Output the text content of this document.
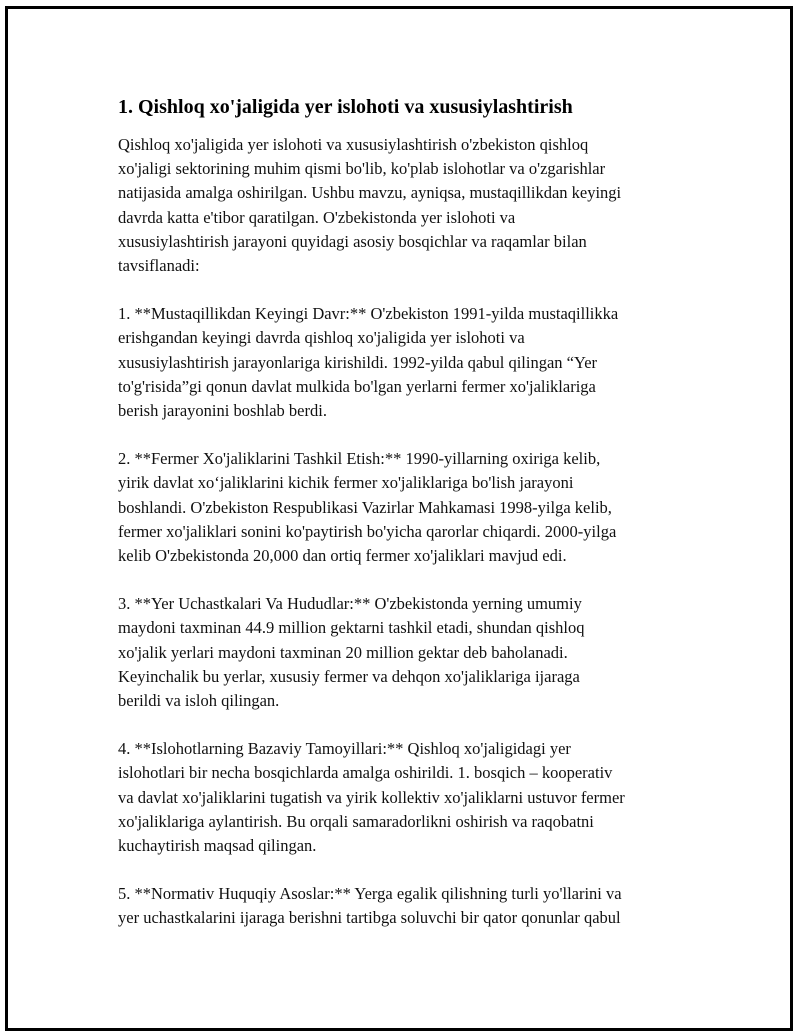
1. Qishloq xo'jaligida yer islohoti va xususiylashtirish
Qishloq xo'jaligida yer islohoti va xususiylashtirish o'zbekiston qishloq
xo'jaligi sektorining muhim qismi bo'lib, ko'plab islohotlar va o'zgarishlar
natijasida amalga oshirilgan. Ushbu mavzu, ayniqsa, mustaqillikdan keyingi
davrda katta e'tibor qaratilgan. O'zbekistonda yer islohoti va
xususiylashtirish jarayoni quyidagi asosiy bosqichlar va raqamlar bilan
tavsiflanadi:
1. **Mustaqillikdan Keyingi Davr:** O'zbekiston 1991-yilda mustaqillikka
erishgandan keyingi davrda qishloq xo'jaligida yer islohoti va
xususiylashtirish jarayonlariga kirishildi. 1992-yilda qabul qilingan “Yer
to'g'risida”gi qonun davlat mulkida bo'lgan yerlarni fermer xo'jaliklariga
berish jarayonini boshlab berdi.
2. **Fermer Xo'jaliklarini Tashkil Etish:** 1990-yillarning oxiriga kelib,
yirik davlat xo‘jaliklarini kichik fermer xo'jaliklariga bo'lish jarayoni
boshlandi. O'zbekiston Respublikasi Vazirlar Mahkamasi 1998-yilga kelib,
fermer xo'jaliklari sonini ko'paytirish bo'yicha qarorlar chiqardi. 2000-yilga
kelib O'zbekistonda 20,000 dan ortiq fermer xo'jaliklari mavjud edi.
3. **Yer Uchastkalari Va Hududlar:** O'zbekistonda yerning umumiy
maydoni taxminan 44.9 million gektarni tashkil etadi, shundan qishloq
xo'jalik yerlari maydoni taxminan 20 million gektar deb baholanadi.
Keyinchalik bu yerlar, xususiy fermer va dehqon xo'jaliklariga ijaraga
berildi va isloh qilingan.
4. **Islohotlarning Bazaviy Tamoyillari:** Qishloq xo'jaligidagi yer
islohotlari bir necha bosqichlarda amalga oshirildi. 1. bosqich – kooperativ
va davlat xo'jaliklarini tugatish va yirik kollektiv xo'jaliklarni ustuvor fermer
xo'jaliklariga aylantirish. Bu orqali samaradorlikni oshirish va raqobatni
kuchaytirish maqsad qilingan.
5. **Normativ Huquqiy Asoslar:** Yerga egalik qilishning turli yo'llarini va
yer uchastkalarini ijaraga berishni tartibga soluvchi bir qator qonunlar qabul
